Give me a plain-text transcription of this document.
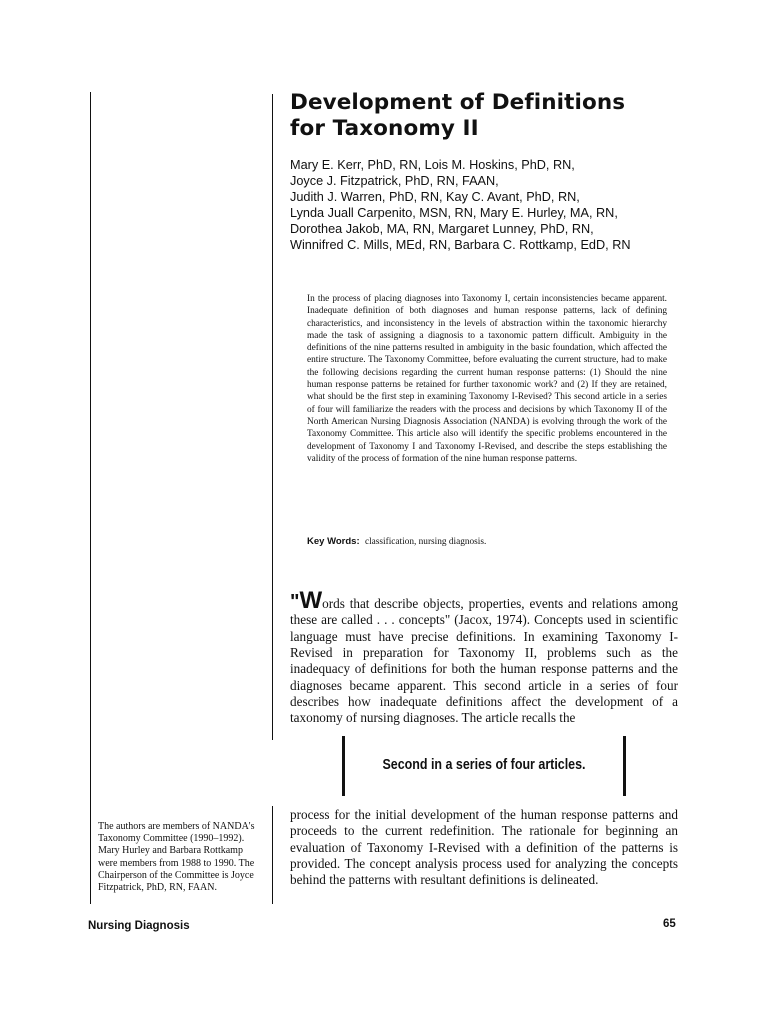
Development of Definitions
for Taxonomy II
Mary E. Kerr, PhD, RN, Lois M. Hoskins, PhD, RN,
Joyce J. Fitzpatrick, PhD, RN, FAAN,
Judith J. Warren, PhD, RN, Kay C. Avant, PhD, RN,
Lynda Juall Carpenito, MSN, RN, Mary E. Hurley, MA, RN,
Dorothea Jakob, MA, RN, Margaret Lunney, PhD, RN,
Winnifred C. Mills, MEd, RN, Barbara C. Rottkamp, EdD, RN

In the process of placing diagnoses into Taxonomy I, certain inconsistencies became apparent. Inadequate definition of both diagnoses and human response patterns, lack of defining characteristics, and inconsistency in the levels of abstraction within the taxonomic hierarchy made the task of assigning a diagnosis to a taxonomic pattern difficult. Ambiguity in the definitions of the nine patterns resulted in ambiguity in the basic foundation, which affected the entire structure. The Taxonomy Committee, before evaluating the current structure, had to make the following decisions regarding the current human response patterns: (1) Should the nine human response patterns be retained for further taxonomic work? and (2) If they are retained, what should be the first step in examining Taxonomy I-Revised? This second article in a series of four will familiarize the readers with the process and decisions by which Taxonomy II of the North American Nursing Diagnosis Association (NANDA) is evolving through the work of the Taxonomy Committee. This article also will identify the specific problems encountered in the development of Taxonomy I and Taxonomy I-Revised, and describe the steps establishing the validity of the process of formation of the nine human response patterns.

Key Words: classification, nursing diagnosis.

"Words that describe objects, properties, events and relations among these are called . . . concepts" (Jacox, 1974). Concepts used in scientific language must have precise definitions. In examining Taxonomy I-Revised in preparation for Taxonomy II, problems such as the inadequacy of definitions for both the human response patterns and the diagnoses became apparent. This second article in a series of four describes how inadequate definitions affect the development of a taxonomy of nursing diagnoses. The article recalls the

Second in a series of four articles.

process for the initial development of the human response patterns and proceeds to the current redefinition. The rationale for beginning an evaluation of Taxonomy I-Revised with a definition of the patterns is provided. The concept analysis process used for analyzing the concepts behind the patterns with resultant definitions is delineated.

The authors are members of NANDA's Taxonomy Committee (1990–1992). Mary Hurley and Barbara Rottkamp were members from 1988 to 1990. The Chairperson of the Committee is Joyce Fitzpatrick, PhD, RN, FAAN.

Nursing Diagnosis	65
